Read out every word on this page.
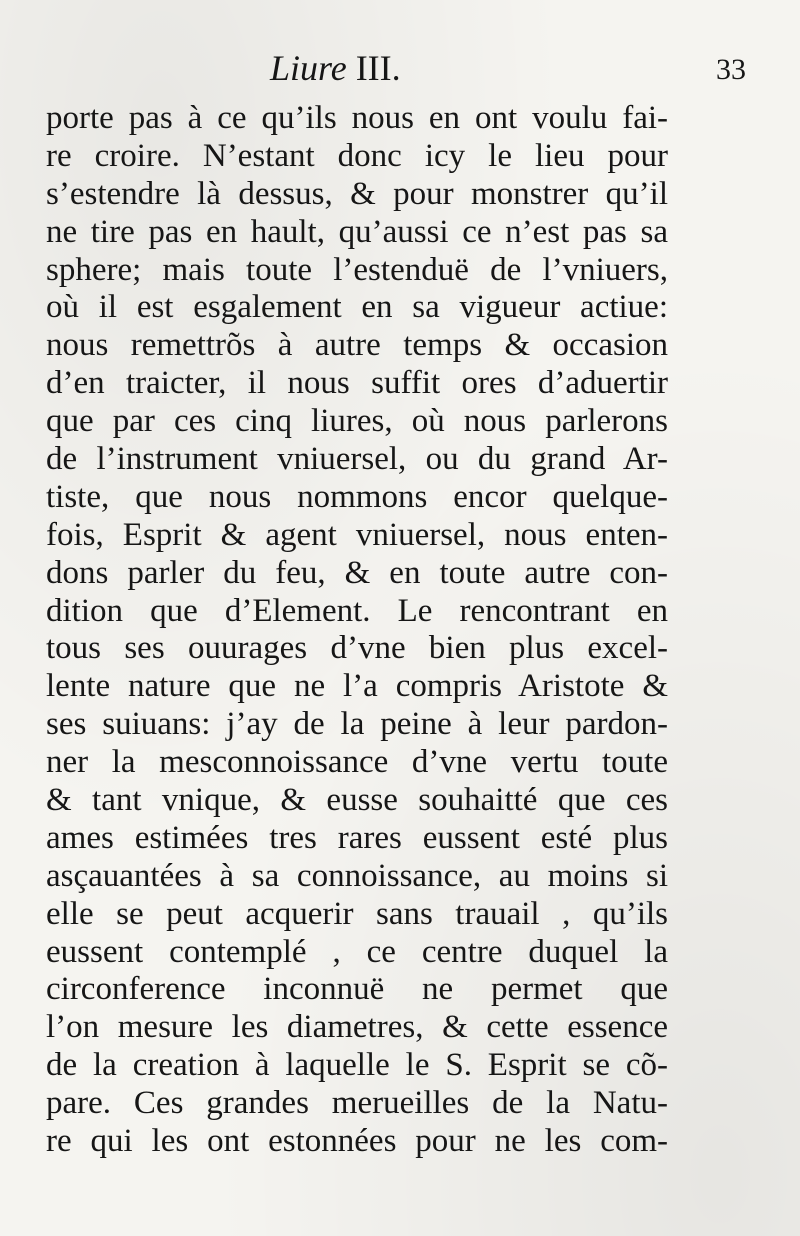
Liure III.	33
porte pas à ce qu’ils nous en ont voulu fai-
re croire. N’estant donc icy le lieu pour
s’estendre là dessus, & pour monstrer qu’il
ne tire pas en hault, qu’aussi ce n’est pas sa
sphere; mais toute l’estenduë de l’vniuers,
où il est esgalement en sa vigueur actiue:
nous remettrõs à autre temps & occasion
d’en traicter, il nous suffit ores d’aduertir
que par ces cinq liures, où nous parlerons
de l’instrument vniuersel, ou du grand Ar-
tiste, que nous nommons encor quelque-
fois, Esprit & agent vniuersel, nous enten-
dons parler du feu, & en toute autre con-
dition que d’Element. Le rencontrant en
tous ses ouurages d’vne bien plus excel-
lente nature que ne l’a compris Aristote &
ses suiuans: j’ay de la peine à leur pardon-
ner la mesconnoissance d’vne vertu toute
& tant vnique, & eusse souhaitté que ces
ames estimées tres rares eussent esté plus
asçauantées à sa connoissance, au moins si
elle se peut acquerir sans trauail , qu’ils
eussent contemplé , ce centre duquel la
circonference inconnuë ne permet que
l’on mesure les diametres, & cette essence
de la creation à laquelle le S. Esprit se cõ-
pare. Ces grandes merueilles de la Natu-
re qui les ont estonnées pour ne les com-
